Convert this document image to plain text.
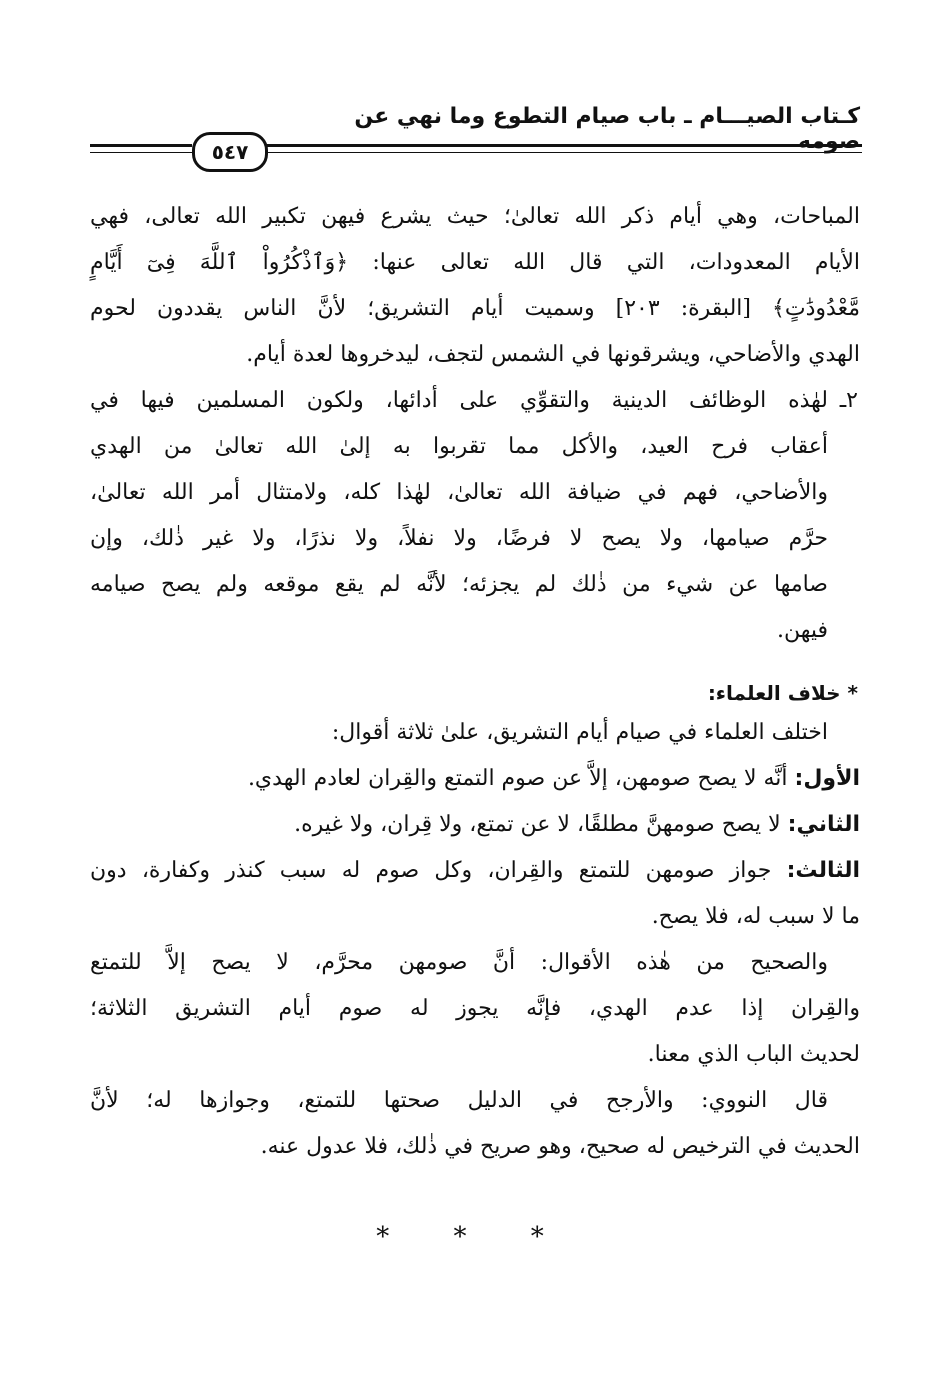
كـتاب الصيـــام ـ باب صيام التطوع وما نهي عن صومه
٥٤٧
المباحات، وهي أيام ذكر الله تعالىٰ؛ حيث يشرع فيهن تكبير الله تعالى، فهي
الأيام المعدودات، التي قال الله تعالى عنها: ﴿وَٱذْكُرُواْ ٱللَّهَ فِىٓ أَيَّامٍ
مَّعْدُودَٰتٍ﴾ [البقرة: ٢٠٣] وسميت أيام التشريق؛ لأنَّ الناس يقددون لحوم
الهدي والأضاحي، ويشرقونها في الشمس لتجف، ليدخروها لعدة أيام.
٢ـ
لهٰذه الوظائف الدينية والتقوِّي على أدائها، ولكون المسلمين فيها في
أعقاب فرح العيد، والأكل مما تقربوا به إلىٰ الله تعالىٰ من الهدي
والأضاحي، فهم في ضيافة الله تعالىٰ، لهٰذا كله، ولامتثال أمر الله تعالىٰ،
حرَّم صيامها، ولا يصح لا فرضًا، ولا نفلاً، ولا نذرًا، ولا غير ذٰلك، وإن
صامها عن شيء من ذٰلك لم يجزئه؛ لأنَّه لم يقع موقعه ولم يصح صيامه
فيهن.
* خلاف العلماء:
اختلف العلماء في صيام أيام التشريق، علىٰ ثلاثة أقوال:
الأول: أنَّه لا يصح صومهن، إلاَّ عن صوم التمتع والقِران لعادم الهدي.
الثاني: لا يصح صومهنَّ مطلقًا، لا عن تمتع، ولا قِران، ولا غيره.
الثالث: جواز صومهن للتمتع والقِران، وكل صوم له سبب كنذر وكفارة، دون
ما لا سبب له، فلا يصح.
والصحيح من هٰذه الأقوال: أنَّ صومهن محرَّم، لا يصح إلاَّ للتمتع
والقِران إذا عدم الهدي، فإنَّه يجوز له صوم أيام التشريق الثلاثة؛
لحديث الباب الذي معنا.
قال النووي: والأرجح في الدليل صحتها للتمتع، وجوازها له؛ لأنَّ
الحديث في الترخيص له صحيح، وهو صريح في ذٰلك، فلا عدول عنه.
* * *
